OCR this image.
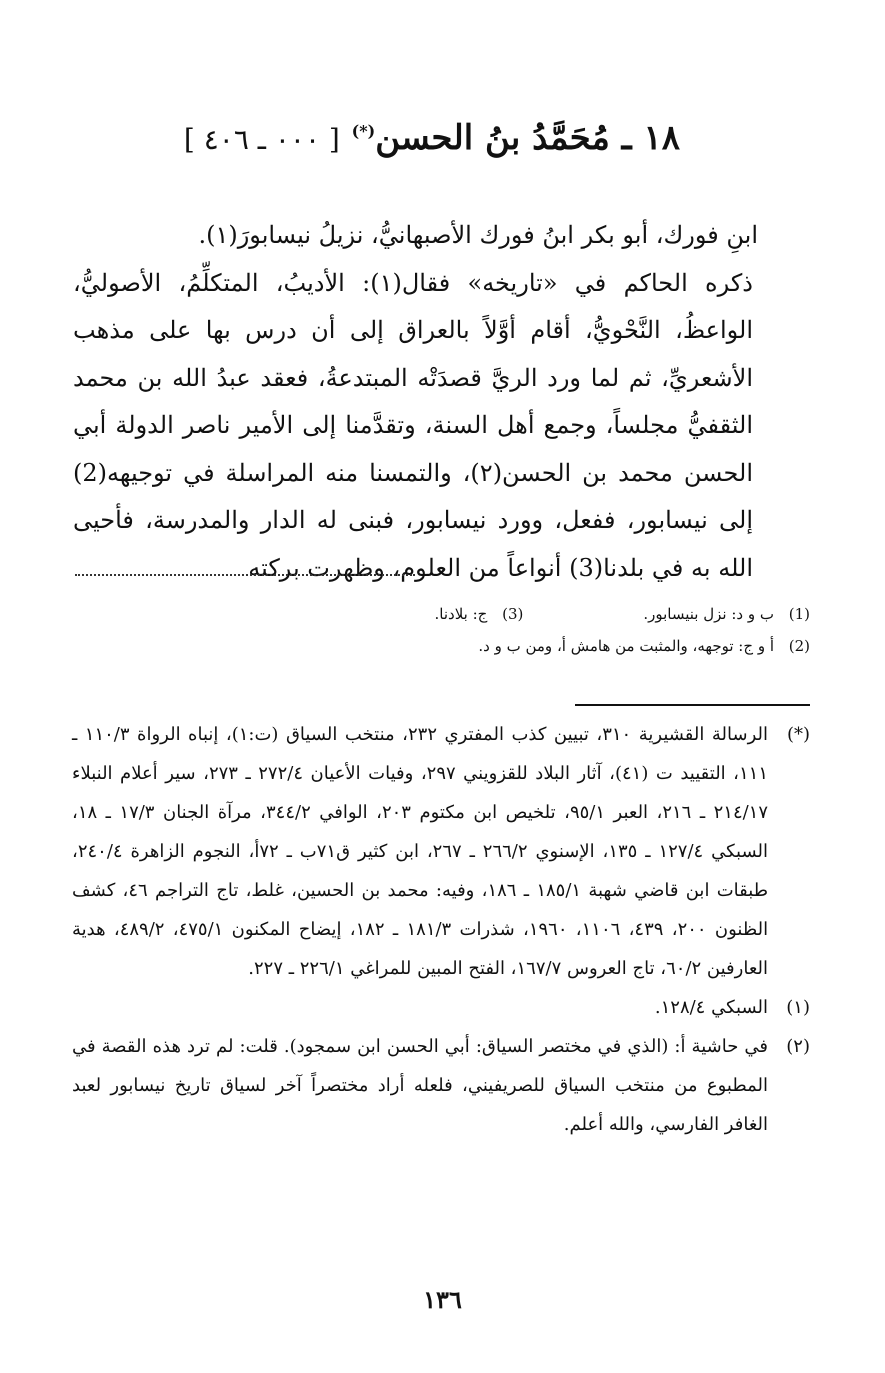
١٨ ـ مُحَمَّدُ بنُ الحسن(*) [ ٠٠٠ ـ ٤٠٦ ]

ابنِ فورك، أبو بكر ابنُ فورك الأصبهانيُّ، نزيلُ نيسابورَ(١).

ذكره الحاكم في «تاريخه» فقال(١): الأديبُ، المتكلِّمُ، الأصوليُّ، الواعظُ، النَّحْويُّ، أقام أوَّلاً بالعراق إلى أن درس بها على مذهب الأشعريِّ، ثم لما ورد الريَّ قصدَتْه المبتدعةُ، فعقد عبدُ الله بن محمد الثقفيُّ مجلساً، وجمع أهل السنة، وتقدَّمنا إلى الأمير ناصر الدولة أبي الحسن محمد بن الحسن(٢)، والتمسنا منه المراسلة في توجيهه(2) إلى نيسابور، ففعل، وورد نيسابور، فبنى له الدار والمدرسة، فأحيى الله به في بلدنا(3) أنواعاً من العلوم، وظهرت بركته

(1)
ب و د: نزل بنيسابور.
(3)
ج: بلادنا.
(2)
أ و ج: توجهه، والمثبت من هامش أ، ومن ب و د.
(*)
الرسالة القشيرية ٣١٠، تبيين كذب المفتري ٢٣٢، منتخب السياق (ت:١)، إنباه الرواة ١١٠/٣ ـ ١١١، التقييد ت (٤١)، آثار البلاد للقزويني ٢٩٧، وفيات الأعيان ٢٧٢/٤ ـ ٢٧٣، سير أعلام النبلاء ٢١٤/١٧ ـ ٢١٦، العبر ٩٥/١، تلخيص ابن مكتوم ٢٠٣، الوافي ٣٤٤/٢، مرآة الجنان ١٧/٣ ـ ١٨، السبكي ١٢٧/٤ ـ ١٣٥، الإسنوي ٢٦٦/٢ ـ ٢٦٧، ابن كثير ق٧١ب ـ ٧٢أ، النجوم الزاهرة ٢٤٠/٤، طبقات ابن قاضي شهبة ١٨٥/١ ـ ١٨٦، وفيه: محمد بن الحسين، غلط، تاج التراجم ٤٦، كشف الظنون ٢٠٠، ٤٣٩، ١١٠٦، ١٩٦٠، شذرات ١٨١/٣ ـ ١٨٢، إيضاح المكنون ٤٧٥/١، ٤٨٩/٢، هدية العارفين ٦٠/٢، تاج العروس ١٦٧/٧، الفتح المبين للمراغي ٢٢٦/١ ـ ٢٢٧.
(١)
السبكي ١٢٨/٤.
(٢)
في حاشية أ: (الذي في مختصر السياق: أبي الحسن ابن سمجود). قلت: لم ترد هذه القصة في المطبوع من منتخب السياق للصريفيني، فلعله أراد مختصراً آخر لسياق تاريخ نيسابور لعبد الغافر الفارسي، والله أعلم.
١٣٦
